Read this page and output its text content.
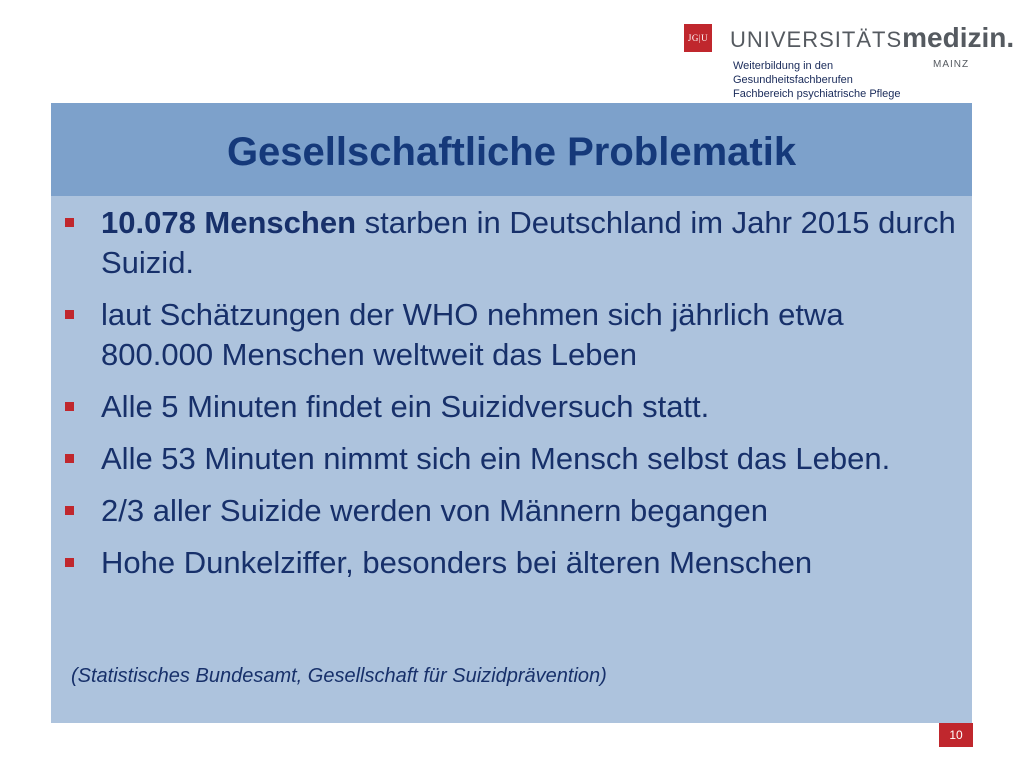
JG|U UNIVERSITÄTS medizin.
MAINZ
Weiterbildung in den
Gesundheitsfachberufen
Fachbereich psychiatrische Pflege
Gesellschaftliche Problematik
10.078 Menschen starben in Deutschland im Jahr 2015 durch Suizid.
laut Schätzungen der WHO nehmen sich jährlich etwa 800.000 Menschen weltweit das Leben
Alle 5 Minuten findet ein Suizidversuch statt.
Alle 53 Minuten nimmt sich ein Mensch selbst das Leben.
2/3 aller Suizide werden von Männern begangen
Hohe Dunkelziffer, besonders bei älteren Menschen
(Statistisches Bundesamt, Gesellschaft für Suizidprävention)
10
